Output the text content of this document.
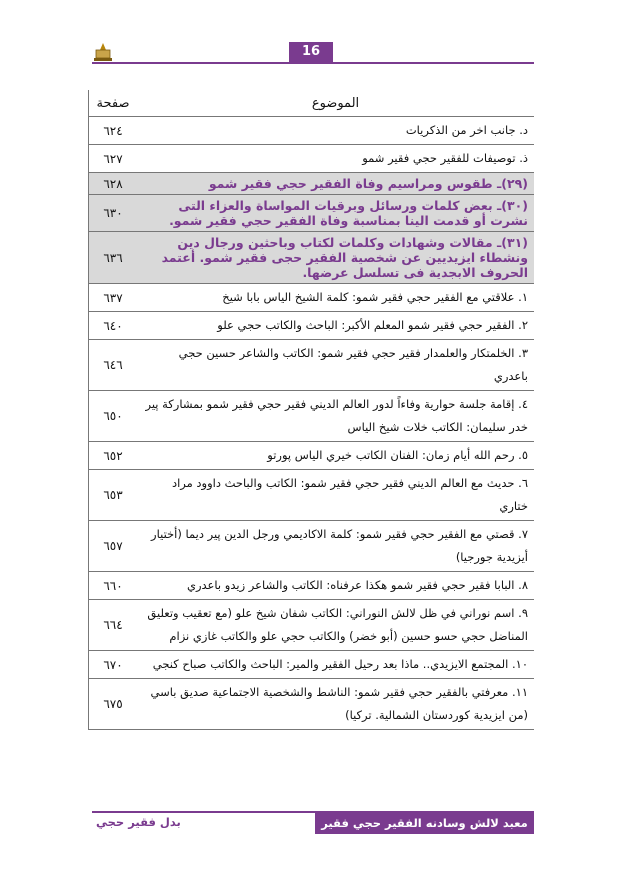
16
الموضوع	صفحة
د. جانب اخر من الذكريات	٦٢٤
ذ. توصيفات للفقير حجي فقير شمو	٦٢٧
(٢٩)ـ طقوس ومراسيم وفاة الفقير حجي فقير شمو	٦٢٨
(٣٠)ـ بعض كلمات ورسائل وبرقيات المواساة والعزاء التى نشرت أو قدمت الينا بمناسبة وفاة الفقير حجي فقير شمو.	٦٣٠
(٣١)ـ مقالات وشهادات وكلمات لكتاب وباحثين ورجال دين ونشطاء ايزيديين عن شخصية الفقير حجى فقير شمو. أعتمد الحروف الابجدية فى تسلسل عرضها.	٦٣٦
١. علاقتي مع الفقير حجي فقير شمو: كلمة الشيخ الياس بابا شيخ	٦٣٧
٢. الفقير حجي فقير شمو المعلم الأكبر: الباحث والكاتب حجي علو	٦٤٠
٣. الخلمتكار والعلمدار فقير حجي فقير شمو: الكاتب والشاعر حسين حجي باعدري	٦٤٦
٤. إقامة جلسة حوارية وفاءاً لدور العالم الديني فقير حجي فقير شمو بمشاركة پير خدر سليمان: الكاتب خلات شيخ الياس	٦٥٠
٥. رحم الله أيام زمان: الفنان الكاتب خيري الياس پورتو	٦٥٢
٦. حديث مع العالم الديني فقير حجي فقير شمو: الكاتب والباحث داوود مراد ختاري	٦٥٣
٧. قصتي مع الفقير حجي فقير شمو: كلمة الاكاديمي ورجل الدين پير ديما (أختيار أيزيدية جورجيا)	٦٥٧
٨. البابا فقير حجي فقير شمو هكذا عرفناه: الكاتب والشاعر زيدو باعدري	٦٦٠
٩. اسم نوراني في ظل لالش النوراني: الكاتب شفان شيخ علو (مع تعقيب وتعليق المناضل حجي حسو حسين (أبو خضر) والكاتب حجي علو والكاتب غازي نزام	٦٦٤
١٠. المجتمع الايزيدي.. ماذا بعد رحيل الفقير والمير: الباحث والكاتب صباح كنجي	٦٧٠
١١. معرفتي بالفقير حجي فقير شمو: الناشط والشخصية الاجتماعية صديق باسي (من ايزيدية كوردستان الشمالية. تركيا)	٦٧٥
معبد لالش وسادنه الفقير حجي فقير شمو
بدل فقير حجي
